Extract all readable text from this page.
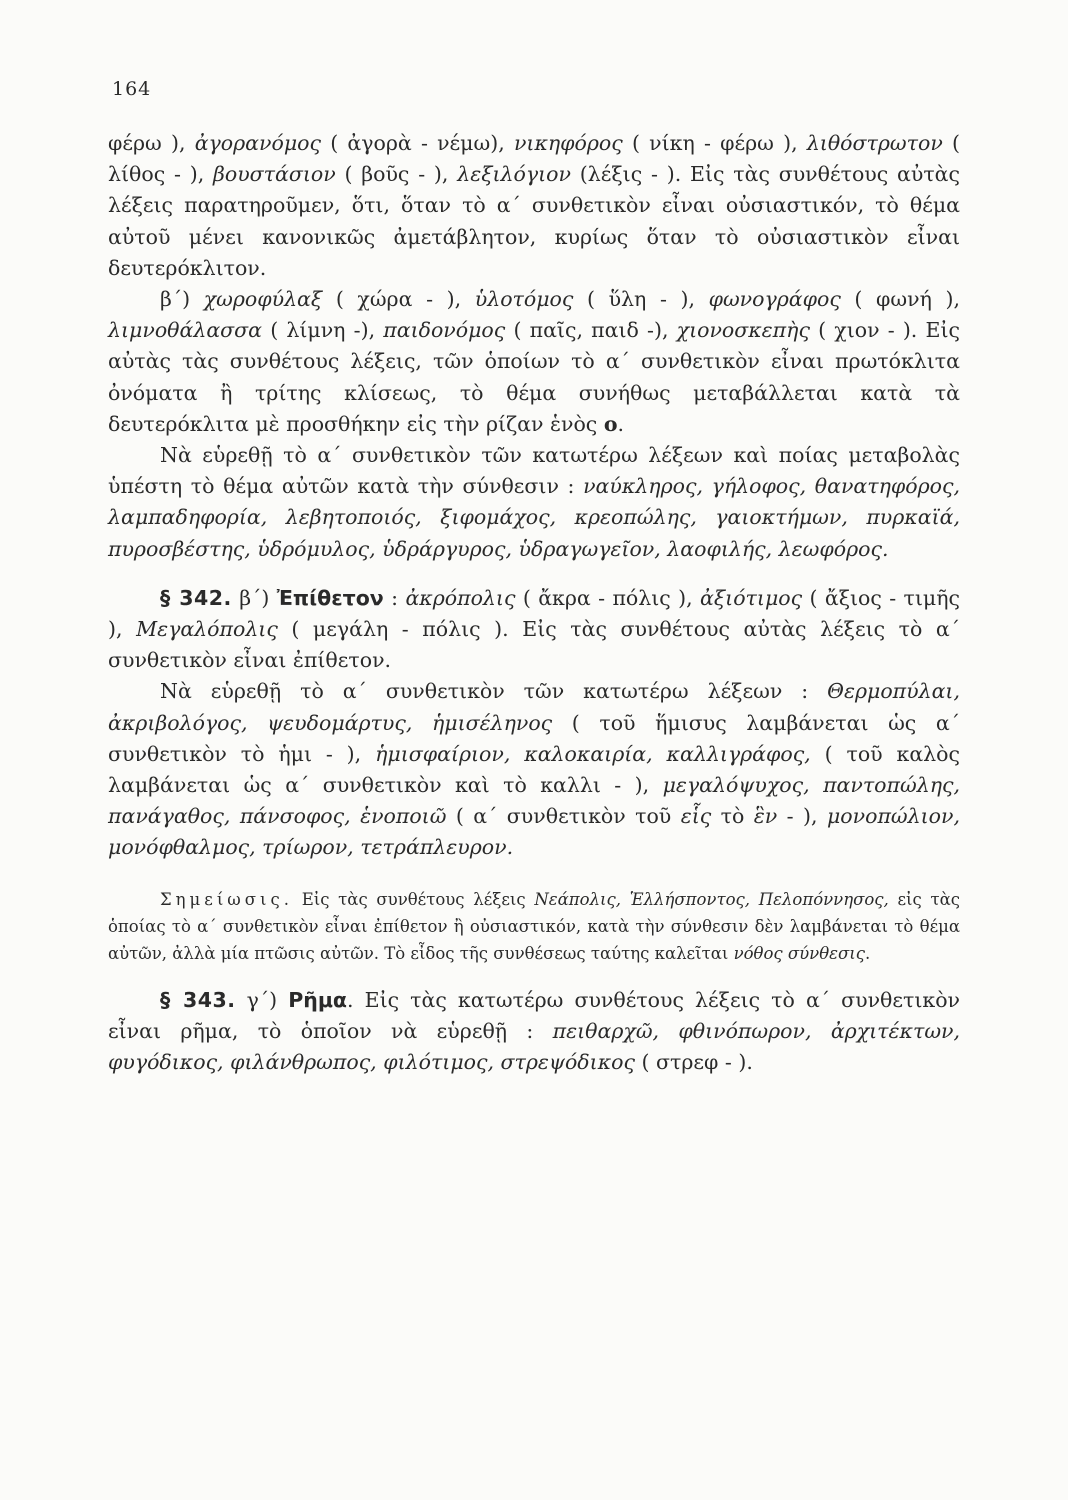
164

φέρω ), ἀγορανόμος ( ἀγορὰ - νέμω), νικηφόρος ( νίκη - φέρω ), λιθόστρωτον ( λίθος - ), βουστάσιον ( βοῦς - ), λεξιλόγιον (λέξις - ). Εἰς τὰς συνθέτους αὐτὰς λέξεις παρατηροῦμεν, ὅτι, ὅταν τὸ α΄ συνθετικὸν εἶναι οὐσιαστικόν, τὸ θέμα αὐτοῦ μένει κανονικῶς ἀμετάβλητον, κυρίως ὅταν τὸ οὐσιαστικὸν εἶναι δευτερόκλιτον.

β΄) χωροφύλαξ ( χώρα - ), ὑλοτόμος ( ὕλη - ), φωνογράφος ( φωνή ), λιμνοθάλασσα ( λίμνη -), παιδονόμος ( παῖς, παιδ -), χιονοσκεπὴς ( χιον - ). Εἰς αὐτὰς τὰς συνθέτους λέξεις, τῶν ὁποίων τὸ α΄ συνθετικὸν εἶναι πρωτόκλιτα ὀνόματα ἢ τρίτης κλίσεως, τὸ θέμα συνήθως μεταβάλλεται κατὰ τὰ δευτερόκλιτα μὲ προσθήκην εἰς τὴν ρίζαν ἑνὸς ο.

Νὰ εὑρεθῇ τὸ α΄ συνθετικὸν τῶν κατωτέρω λέξεων καὶ ποίας μεταβολὰς ὑπέστη τὸ θέμα αὐτῶν κατὰ τὴν σύνθεσιν : ναύκληρος, γήλοφος, θανατηφόρος, λαμπαδηφορία, λεβητοποιός, ξιφομάχος, κρεοπώλης, γαιοκτήμων, πυρκαϊά, πυροσβέστης, ὑδρόμυλος, ὑδράργυρος, ὑδραγωγεῖον, λαοφιλής, λεωφόρος.

§ 342. β΄) Ἐπίθετον : ἀκρόπολις ( ἄκρα - πόλις ), ἀξιότιμος ( ἄξιος - τιμῆς ), Μεγαλόπολις ( μεγάλη - πόλις ). Εἰς τὰς συνθέτους αὐτὰς λέξεις τὸ α΄ συνθετικὸν εἶναι ἐπίθετον.

Νὰ εὑρεθῇ τὸ α΄ συνθετικὸν τῶν κατωτέρω λέξεων : Θερμοπύλαι, ἀκριβολόγος, ψευδομάρτυς, ἡμισέληνος ( τοῦ ἥμισυς λαμβάνεται ὡς α΄ συνθετικὸν τὸ ἡμι - ), ἡμισφαίριον, καλοκαιρία, καλλιγράφος, ( τοῦ καλὸς λαμβάνεται ὡς α΄ συνθετικὸν καὶ τὸ καλλι - ), μεγαλόψυχος, παντοπώλης, πανάγαθος, πάνσοφος, ἑνοποιῶ ( α΄ συνθετικὸν τοῦ εἷς τὸ ἓν - ), μονοπώλιον, μονόφθαλμος, τρίωρον, τετράπλευρον.

Σημείωσις. Εἰς τὰς συνθέτους λέξεις Νεάπολις, Ἑλλήσποντος, Πελοπόννησος, εἰς τὰς ὁποίας τὸ α΄ συνθετικὸν εἶναι ἐπίθετον ἢ οὐσιαστικόν, κατὰ τὴν σύνθεσιν δὲν λαμβάνεται τὸ θέμα αὐτῶν, ἀλλὰ μία πτῶσις αὐτῶν. Τὸ εἶδος τῆς συνθέσεως ταύτης καλεῖται νόθος σύνθεσις.

§ 343. γ΄) Ρῆμα. Εἰς τὰς κατωτέρω συνθέτους λέξεις τὸ α΄ συνθετικὸν εἶναι ρῆμα, τὸ ὁποῖον νὰ εὑρεθῇ : πειθαρχῶ, φθινόπωρον, ἀρχιτέκτων, φυγόδικος, φιλάνθρωπος, φιλότιμος, στρεψόδικος ( στρεφ - ).
